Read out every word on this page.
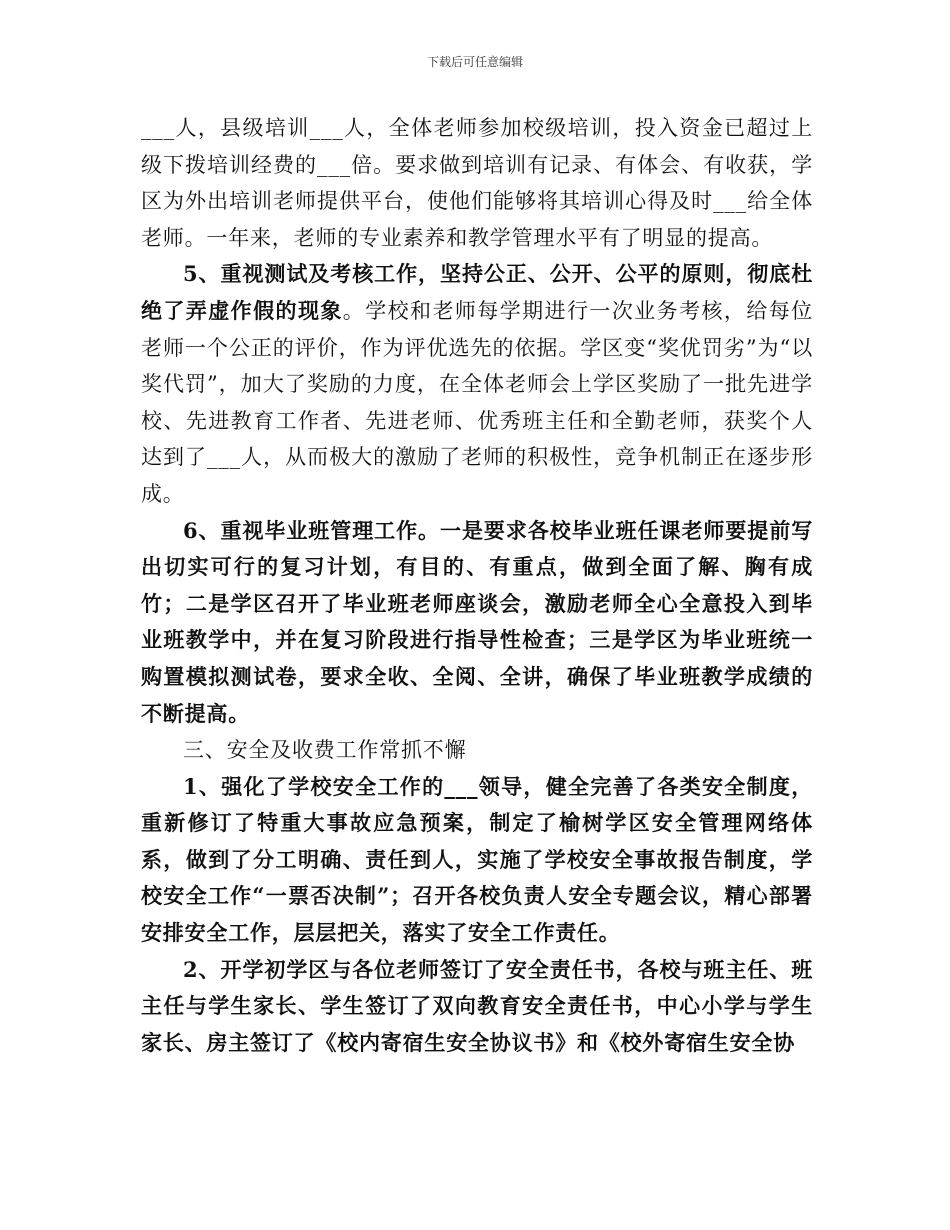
下载后可任意编辑

___人，县级培训___人，全体老师参加校级培训，投入资金已超过上级下拨培训经费的___倍。要求做到培训有记录、有体会、有收获，学区为外出培训老师提供平台，使他们能够将其培训心得及时___给全体老师。一年来，老师的专业素养和教学管理水平有了明显的提高。

5、重视测试及考核工作，坚持公正、公开、公平的原则，彻底杜绝了弄虚作假的现象。学校和老师每学期进行一次业务考核，给每位老师一个公正的评价，作为评优选先的依据。学区变“奖优罚劣”为“以奖代罚”，加大了奖励的力度，在全体老师会上学区奖励了一批先进学校、先进教育工作者、先进老师、优秀班主任和全勤老师，获奖个人达到了___人，从而极大的激励了老师的积极性，竞争机制正在逐步形成。

6、重视毕业班管理工作。一是要求各校毕业班任课老师要提前写出切实可行的复习计划，有目的、有重点，做到全面了解、胸有成竹；二是学区召开了毕业班老师座谈会，激励老师全心全意投入到毕业班教学中，并在复习阶段进行指导性检查；三是学区为毕业班统一购置模拟测试卷，要求全收、全阅、全讲，确保了毕业班教学成绩的不断提高。

三、安全及收费工作常抓不懈

1、强化了学校安全工作的___领导，健全完善了各类安全制度，重新修订了特重大事故应急预案，制定了榆树学区安全管理网络体系，做到了分工明确、责任到人，实施了学校安全事故报告制度，学校安全工作“一票否决制”；召开各校负责人安全专题会议，精心部署安排安全工作，层层把关，落实了安全工作责任。

2、开学初学区与各位老师签订了安全责任书，各校与班主任、班主任与学生家长、学生签订了双向教育安全责任书，中心小学与学生家长、房主签订了《校内寄宿生安全协议书》和《校外寄宿生安全协
